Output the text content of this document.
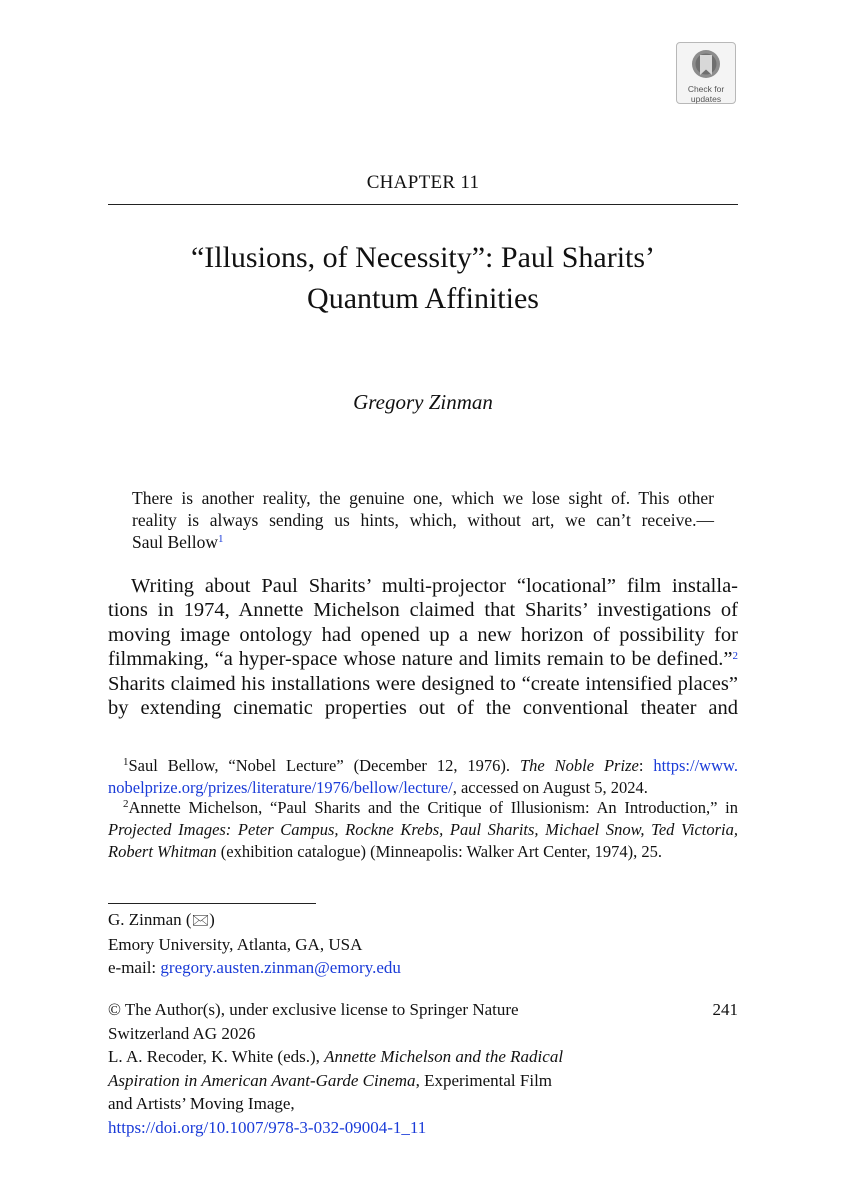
Check for
updates
CHAPTER 11
“Illusions, of Necessity”: Paul Sharits’
Quantum Affinities
Gregory Zinman
There is another reality, the genuine one, which we lose sight of. This other
reality is always sending us hints, which, without art, we can’t receive.—
Saul Bellow$^1$
Writing about Paul Sharits’ multi-projector “locational” film installa-
tions in 1974, Annette Michelson claimed that Sharits’ investigations of
moving image ontology had opened up a new horizon of possibility for
filmmaking, “a hyper-space whose nature and limits remain to be defined.”$^2$
Sharits claimed his installations were designed to “create intensified places”
by extending cinematic properties out of the conventional theater and
$^1$Saul Bellow, “Nobel Lecture” (December 12, 1976). The Noble Prize: https://www.
nobelprize.org/prizes/literature/1976/bellow/lecture/, accessed on August 5, 2024.
$^2$Annette Michelson, “Paul Sharits and the Critique of Illusionism: An Introduction,” in
Projected Images: Peter Campus, Rockne Krebs, Paul Sharits, Michael Snow, Ted Victoria,
Robert Whitman (exhibition catalogue) (Minneapolis: Walker Art Center, 1974), 25.
G. Zinman (🖂)
Emory University, Atlanta, GA, USA
e-mail: gregory.austen.zinman@emory.edu
© The Author(s), under exclusive license to Springer Nature
Switzerland AG 2026
L. A. Recoder, K. White (eds.), Annette Michelson and the Radical
Aspiration in American Avant-Garde Cinema, Experimental Film
and Artists’ Moving Image,
https://doi.org/10.1007/978-3-032-09004-1_11
241
